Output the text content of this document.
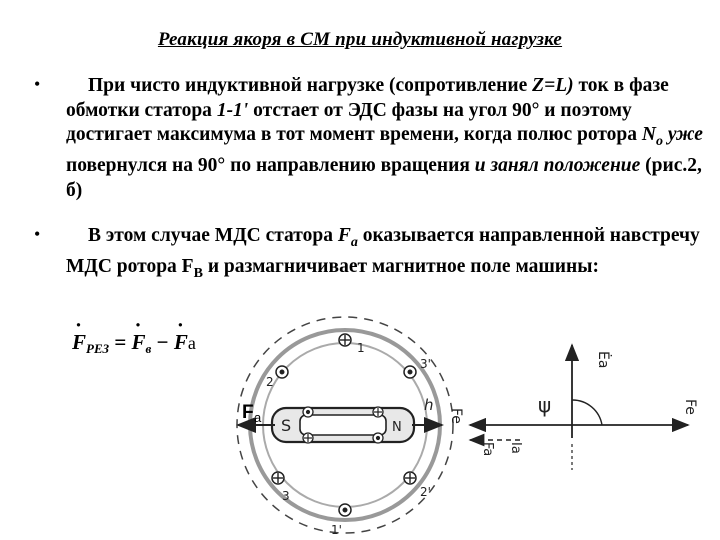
Реакция якоря в СМ при индуктивной нагрузке
•	При чисто индуктивной нагрузке (сопротивление Z=L) ток в фазе обмотки статора 1-1' отстает от ЭДС фазы на угол 90° и поэтому достигает максимума в тот момент времени, когда полюс ротора $N_o$ уже повернулся на 90° по направлению вращения и занял положение (рис.2, б)
•	В этом случае МДС статора $F_a$ оказывается направленной навстречу МДС ротора $F_B$ и размагничивает магнитное поле машины:
· $F_{РЕЗ}$ = · $F_в$ − · Fa
S	N
F a	Fe
h
1
2
3
1'
2'
3'	Ėa
ψ	Fe
Fa Ia
